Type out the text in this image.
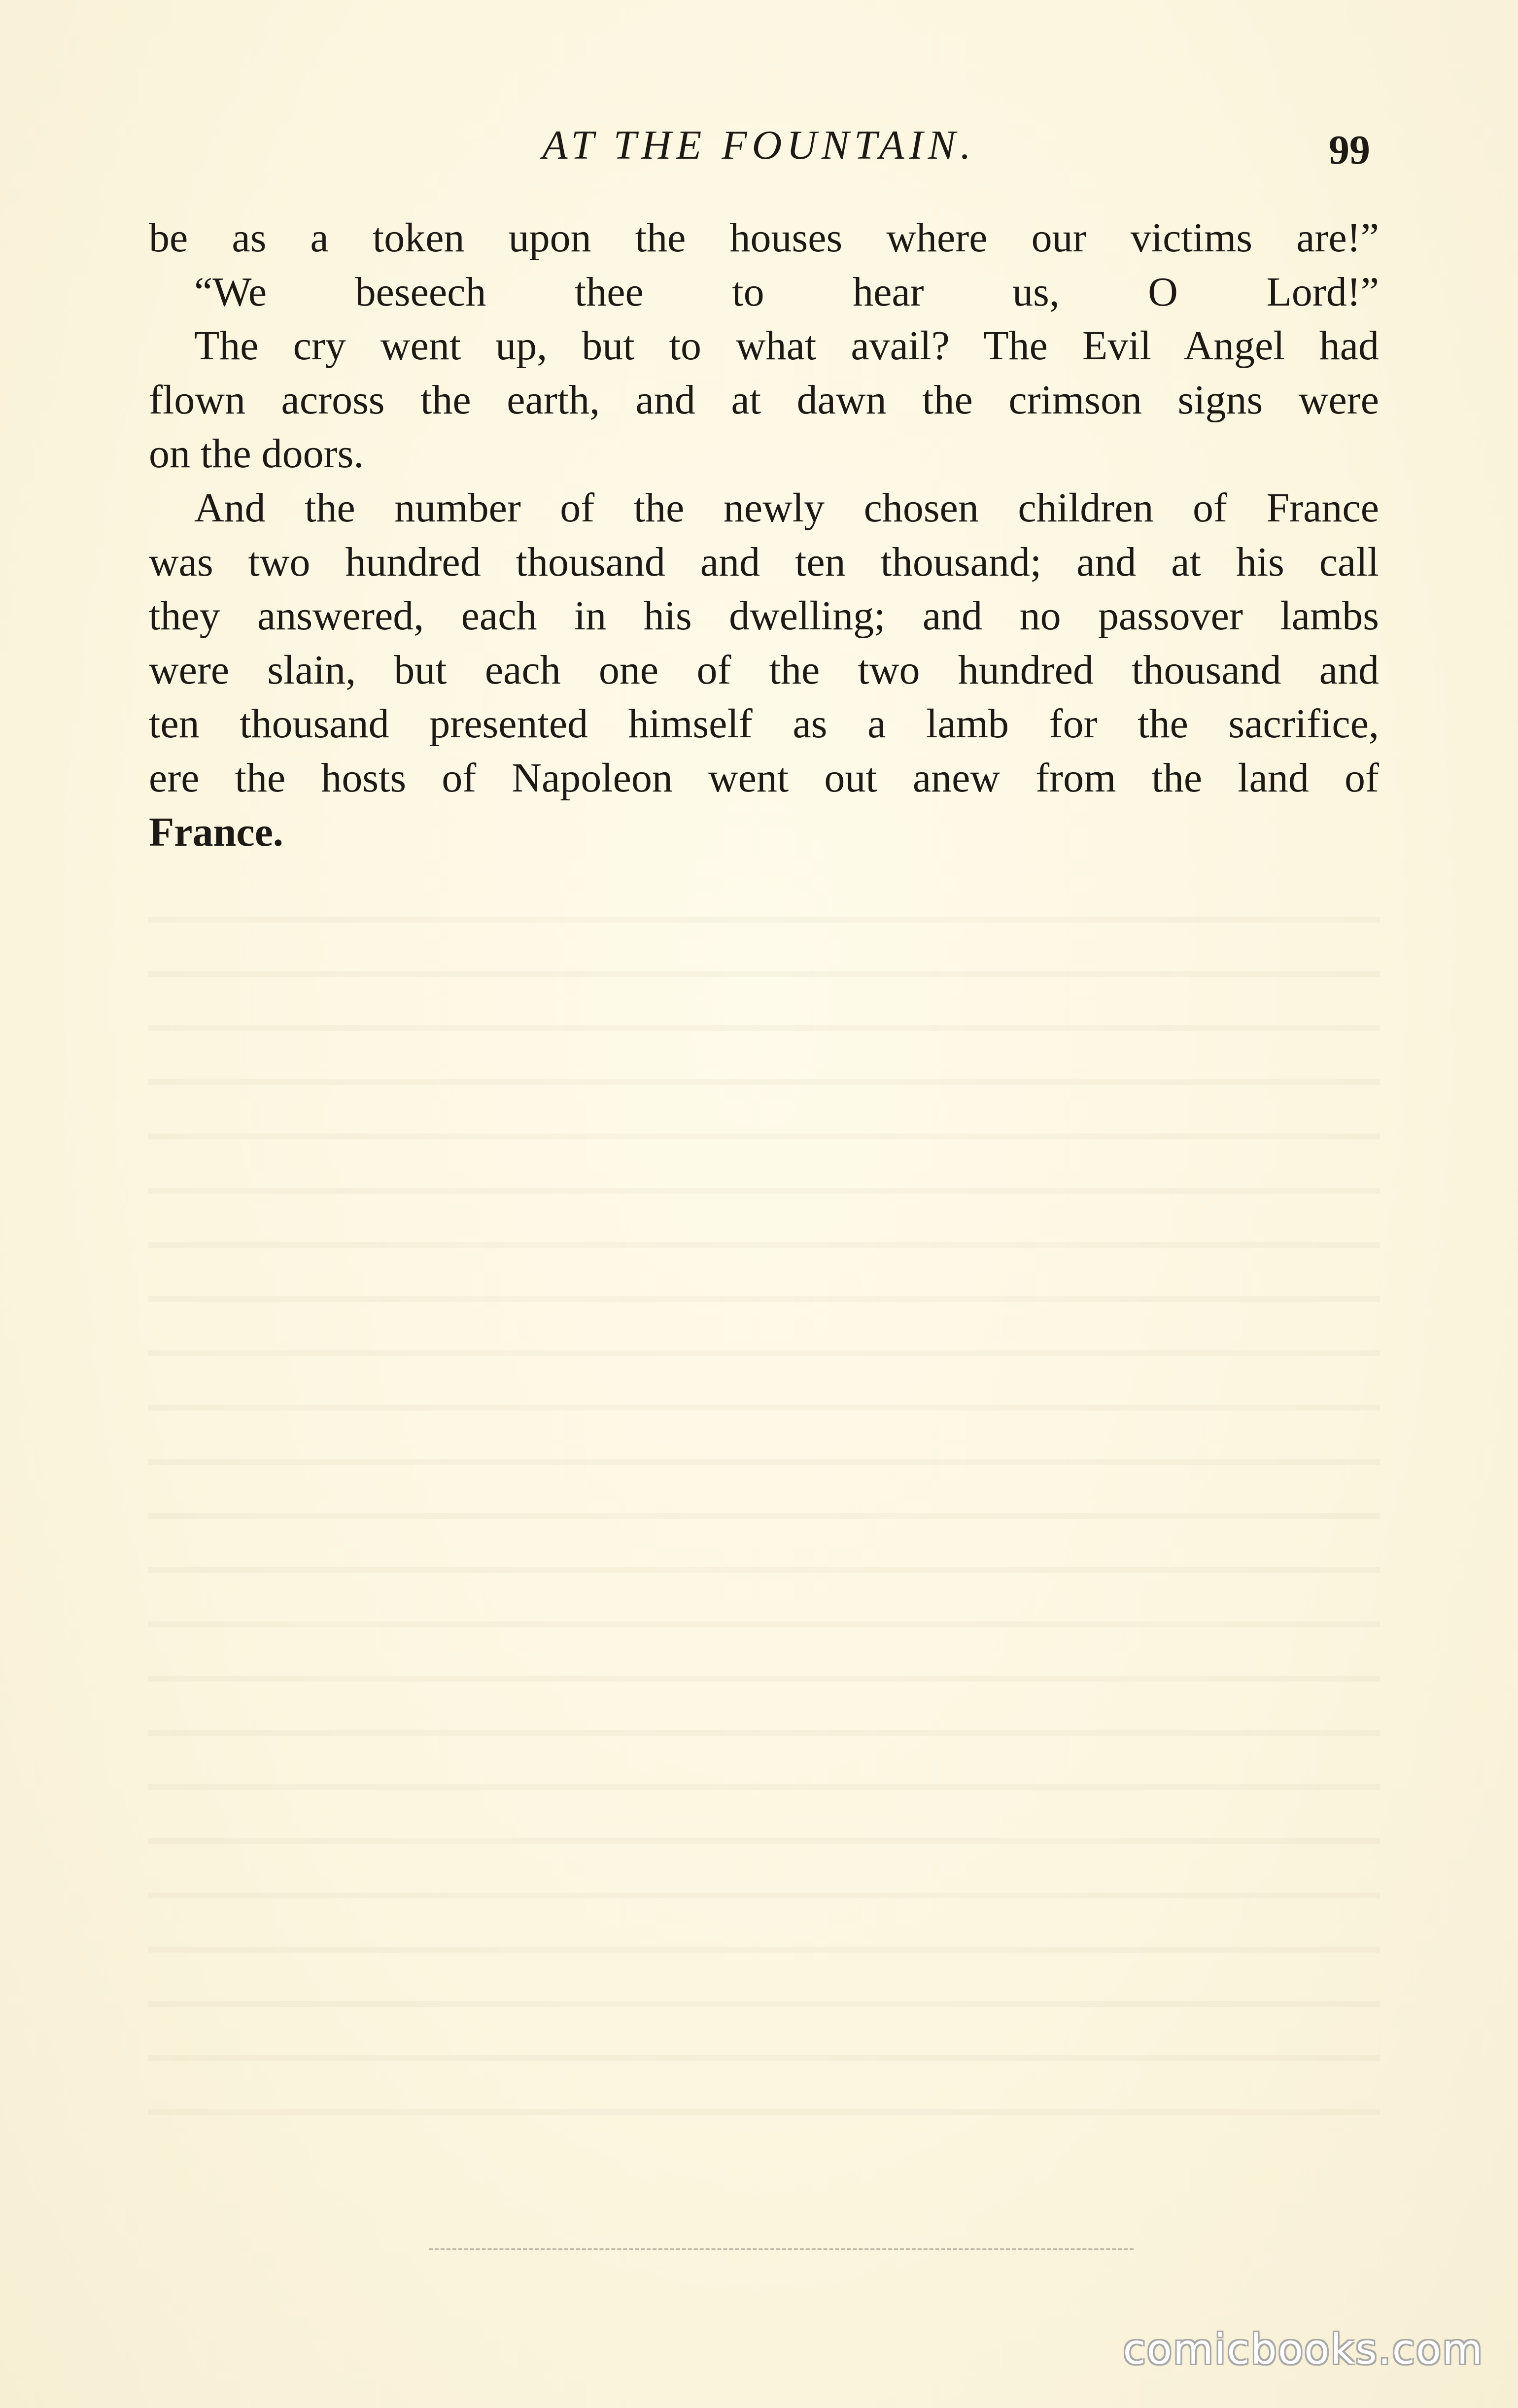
AT THE FOUNTAIN.	99
be as a token upon the houses where our victims are!”
“We beseech thee to hear us, O Lord!”
The cry went up, but to what avail? The Evil Angel had
flown across the earth, and at dawn the crimson signs were
on the doors.
And the number of the newly chosen children of France
was two hundred thousand and ten thousand; and at his call
they answered, each in his dwelling; and no passover lambs
were slain, but each one of the two hundred thousand and
ten thousand presented himself as a lamb for the sacrifice,
ere the hosts of Napoleon went out anew from the land of
France.
comicbooks.com
